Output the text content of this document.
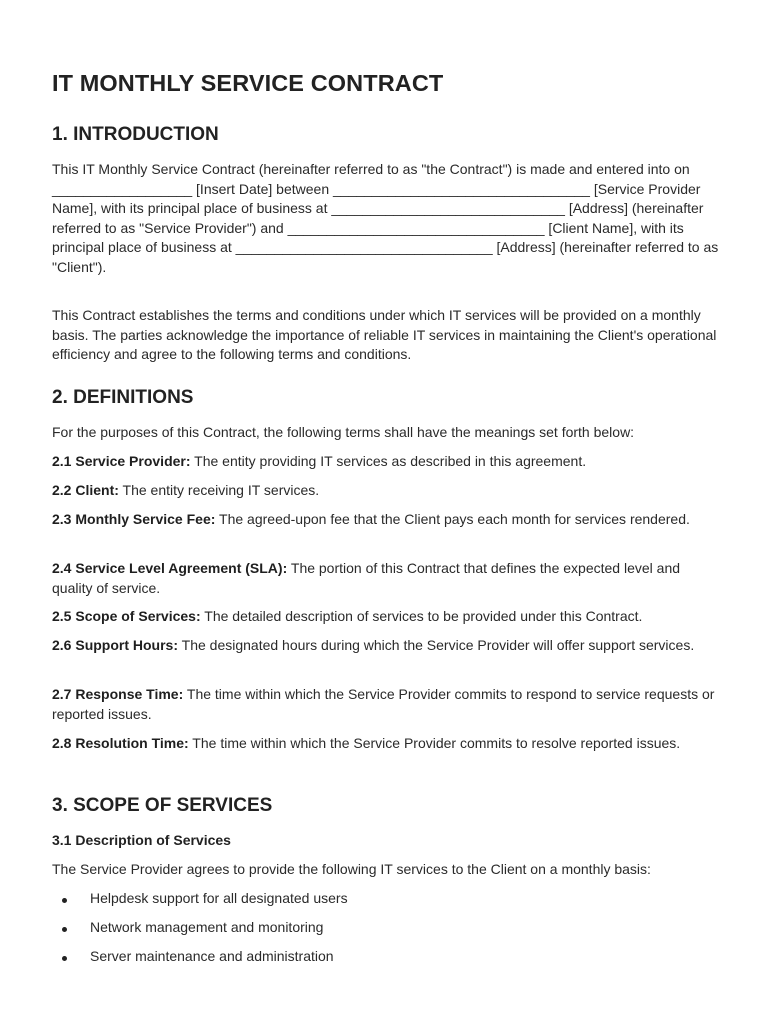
IT MONTHLY SERVICE CONTRACT
1. INTRODUCTION

This IT Monthly Service Contract (hereinafter referred to as "the Contract") is made and entered into on __________________ [Insert Date] between _________________________________ [Service Provider Name], with its principal place of business at ______________________________ [Address] (hereinafter referred to as "Service Provider") and _________________________________ [Client Name], with its principal place of business at _________________________________ [Address] (hereinafter referred to as "Client").

This Contract establishes the terms and conditions under which IT services will be provided on a monthly basis. The parties acknowledge the importance of reliable IT services in maintaining the Client's operational efficiency and agree to the following terms and conditions.

2. DEFINITIONS

For the purposes of this Contract, the following terms shall have the meanings set forth below:

2.1 Service Provider: The entity providing IT services as described in this agreement.

2.2 Client: The entity receiving IT services.

2.3 Monthly Service Fee: The agreed-upon fee that the Client pays each month for services rendered.

2.4 Service Level Agreement (SLA): The portion of this Contract that defines the expected level and quality of service.

2.5 Scope of Services: The detailed description of services to be provided under this Contract.

2.6 Support Hours: The designated hours during which the Service Provider will offer support services.

2.7 Response Time: The time within which the Service Provider commits to respond to service requests or reported issues.

2.8 Resolution Time: The time within which the Service Provider commits to resolve reported issues.

3. SCOPE OF SERVICES
3.1 Description of Services

The Service Provider agrees to provide the following IT services to the Client on a monthly basis:

Helpdesk support for all designated users
Network management and monitoring
Server maintenance and administration
